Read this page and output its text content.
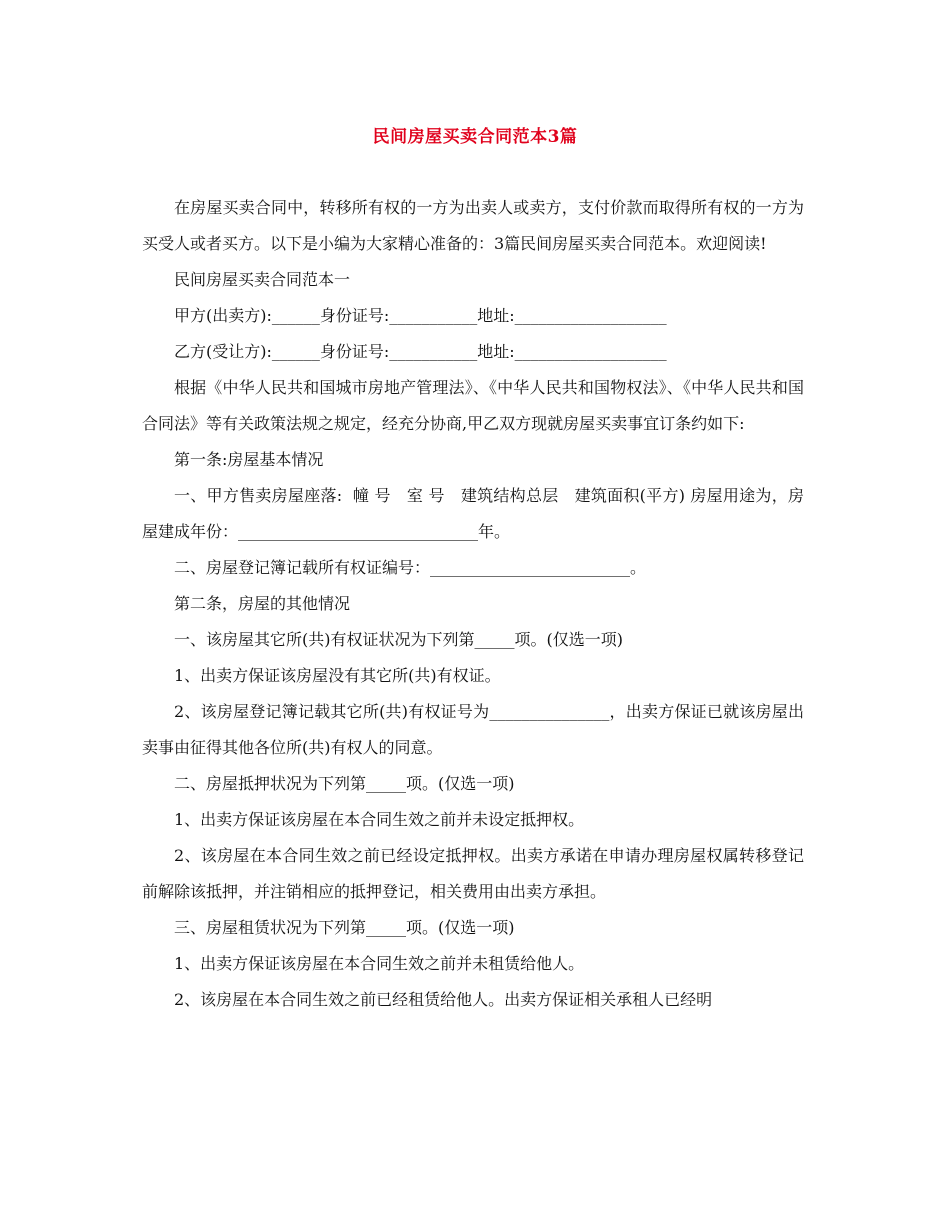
民间房屋买卖合同范本3篇

在房屋买卖合同中，转移所有权的一方为出卖人或卖方，支付价款而取得所有权的一方为买受人或者买方。以下是小编为大家精心准备的：3篇民间房屋买卖合同范本。欢迎阅读!

民间房屋买卖合同范本一

甲方(出卖方):______身份证号:___________地址:___________________

乙方(受让方):______身份证号:___________地址:___________________

根据《中华人民共和国城市房地产管理法》、《中华人民共和国物权法》、《中华人民共和国合同法》等有关政策法规之规定，经充分协商,甲乙双方现就房屋买卖事宜订条约如下:

第一条:房屋基本情况

一、甲方售卖房屋座落:  幢 号   室 号   建筑结构总层   建筑面积(平方) 房屋用途为，房屋建成年份：______________________________年。

二、房屋登记簿记载所有权证编号：_________________________。

第二条，房屋的其他情况

一、该房屋其它所(共)有权证状况为下列第_____项。(仅选一项)

1、出卖方保证该房屋没有其它所(共)有权证。

2、该房屋登记簿记载其它所(共)有权证号为_______________，出卖方保证已就该房屋出卖事由征得其他各位所(共)有权人的同意。

二、房屋抵押状况为下列第_____项。(仅选一项)

1、出卖方保证该房屋在本合同生效之前并未设定抵押权。

2、该房屋在本合同生效之前已经设定抵押权。出卖方承诺在申请办理房屋权属转移登记前解除该抵押，并注销相应的抵押登记，相关费用由出卖方承担。

三、房屋租赁状况为下列第_____项。(仅选一项)

1、出卖方保证该房屋在本合同生效之前并未租赁给他人。

2、该房屋在本合同生效之前已经租赁给他人。出卖方保证相关承租人已经明
